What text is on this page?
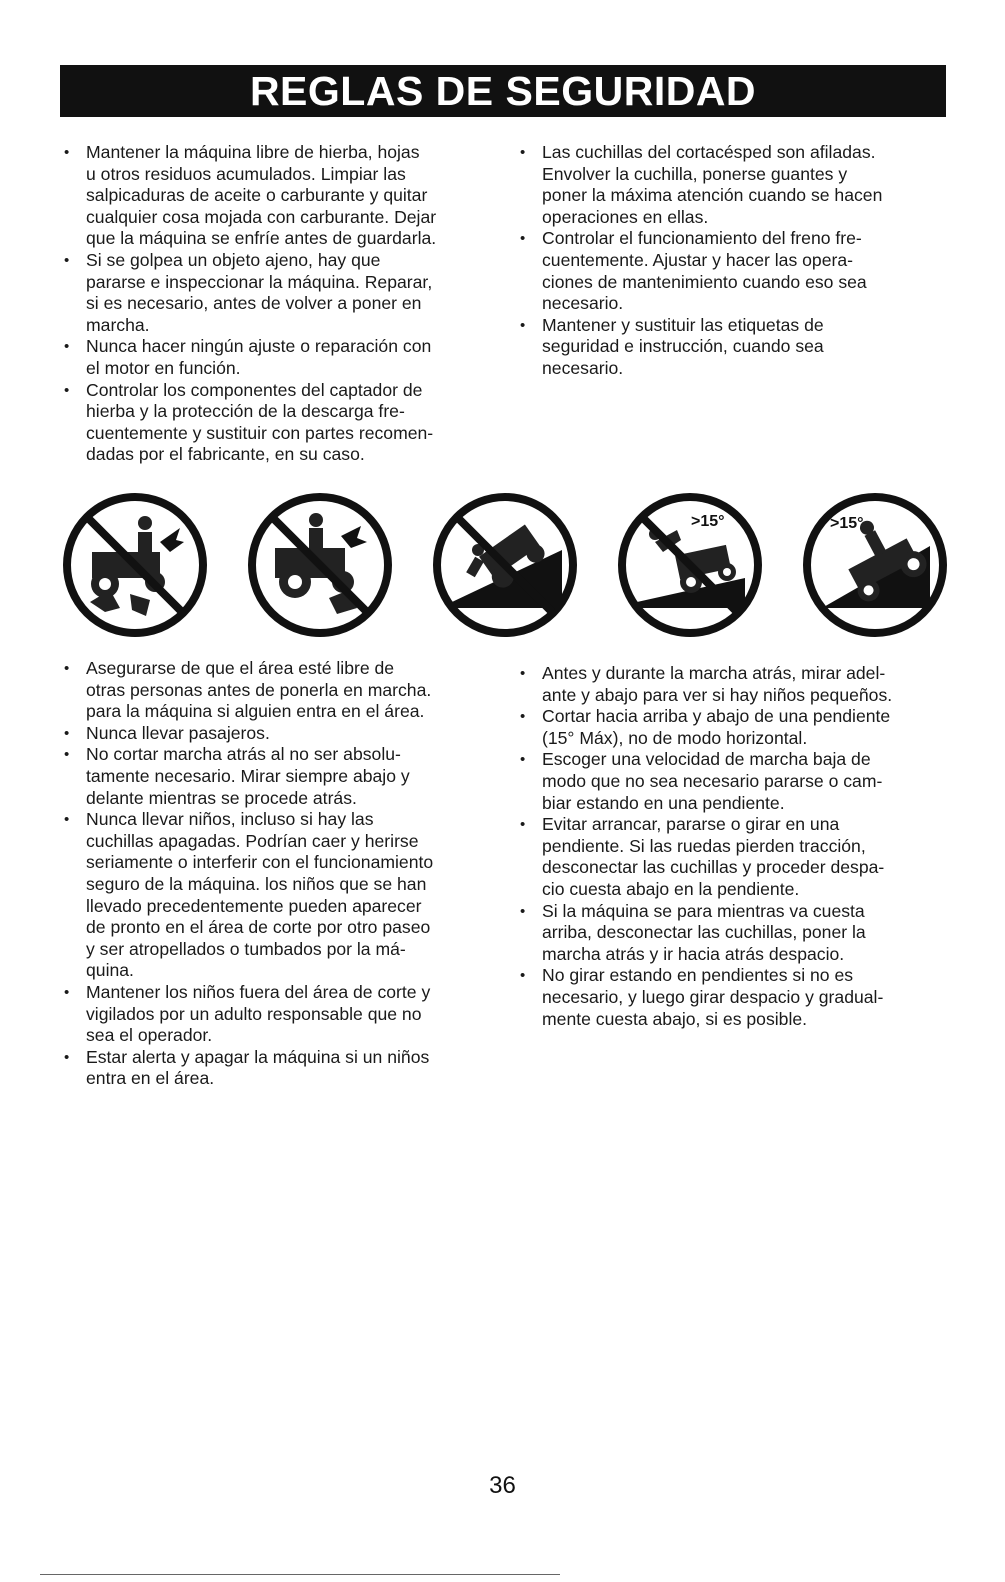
REGLAS DE SEGURIDAD
• Mantener la máquina libre de hierba, hojas
u otros residuos acumulados. Limpiar las
salpicaduras de aceite o carburante y quitar
cualquier cosa mojada con carburante. Dejar
que la máquina se enfríe antes de guardarla.
• Si se golpea un objeto ajeno, hay que
pararse e inspeccionar la máquina. Reparar,
si es necesario, antes de volver a poner en
marcha.
• Nunca hacer ningún ajuste o reparación con
el motor en función.
• Controlar los componentes del captador de
hierba y la protección de la descarga fre-
cuentemente y sustituir con partes recomen-
dadas por el fabricante, en su caso.
• Las cuchillas del cortacésped son afiladas.
Envolver la cuchilla, ponerse guantes y
poner la máxima atención cuando se hacen
operaciones en ellas.
• Controlar el funcionamiento del freno fre-
cuentemente. Ajustar y hacer las opera-
ciones de mantenimiento cuando eso sea
necesario.
• Mantener y sustituir las etiquetas de
seguridad e instrucción, cuando sea
necesario.
>15°	>15°
• Asegurarse de que el área esté libre de
otras personas antes de ponerla en marcha.
para la máquina si alguien entra en el área.
• Nunca llevar pasajeros.
• No cortar marcha atrás al no ser absolu-
tamente necesario. Mirar siempre abajo y
delante mientras se procede atrás.
• Nunca llevar niños, incluso si hay las
cuchillas apagadas. Podrían caer y herirse
seriamente o interferir con el funcionamiento
seguro de la máquina. los niños que se han
llevado precedentemente pueden aparecer
de pronto en el área de corte por otro paseo
y ser atropellados o tumbados por la má-
quina.
• Mantener los niños fuera del área de corte y
vigilados por un adulto responsable que no
sea el operador.
• Estar alerta y apagar la máquina si un niños
entra en el área.
• Antes y durante la marcha atrás, mirar adel-
ante y abajo para ver si hay niños pequeños.
• Cortar hacia arriba y abajo de una pendiente
(15° Máx), no de modo horizontal.
• Escoger una velocidad de marcha baja de
modo que no sea necesario pararse o cam-
biar estando en una pendiente.
• Evitar arrancar, pararse o girar en una
pendiente. Si las ruedas pierden tracción,
desconectar las cuchillas y proceder despa-
cio cuesta abajo en la pendiente.
• Si la máquina se para mientras va cuesta
arriba, desconectar las cuchillas, poner la
marcha atrás y ir hacia atrás despacio.
• No girar estando en pendientes si no es
necesario, y luego girar despacio y gradual-
mente cuesta abajo, si es posible.
36
